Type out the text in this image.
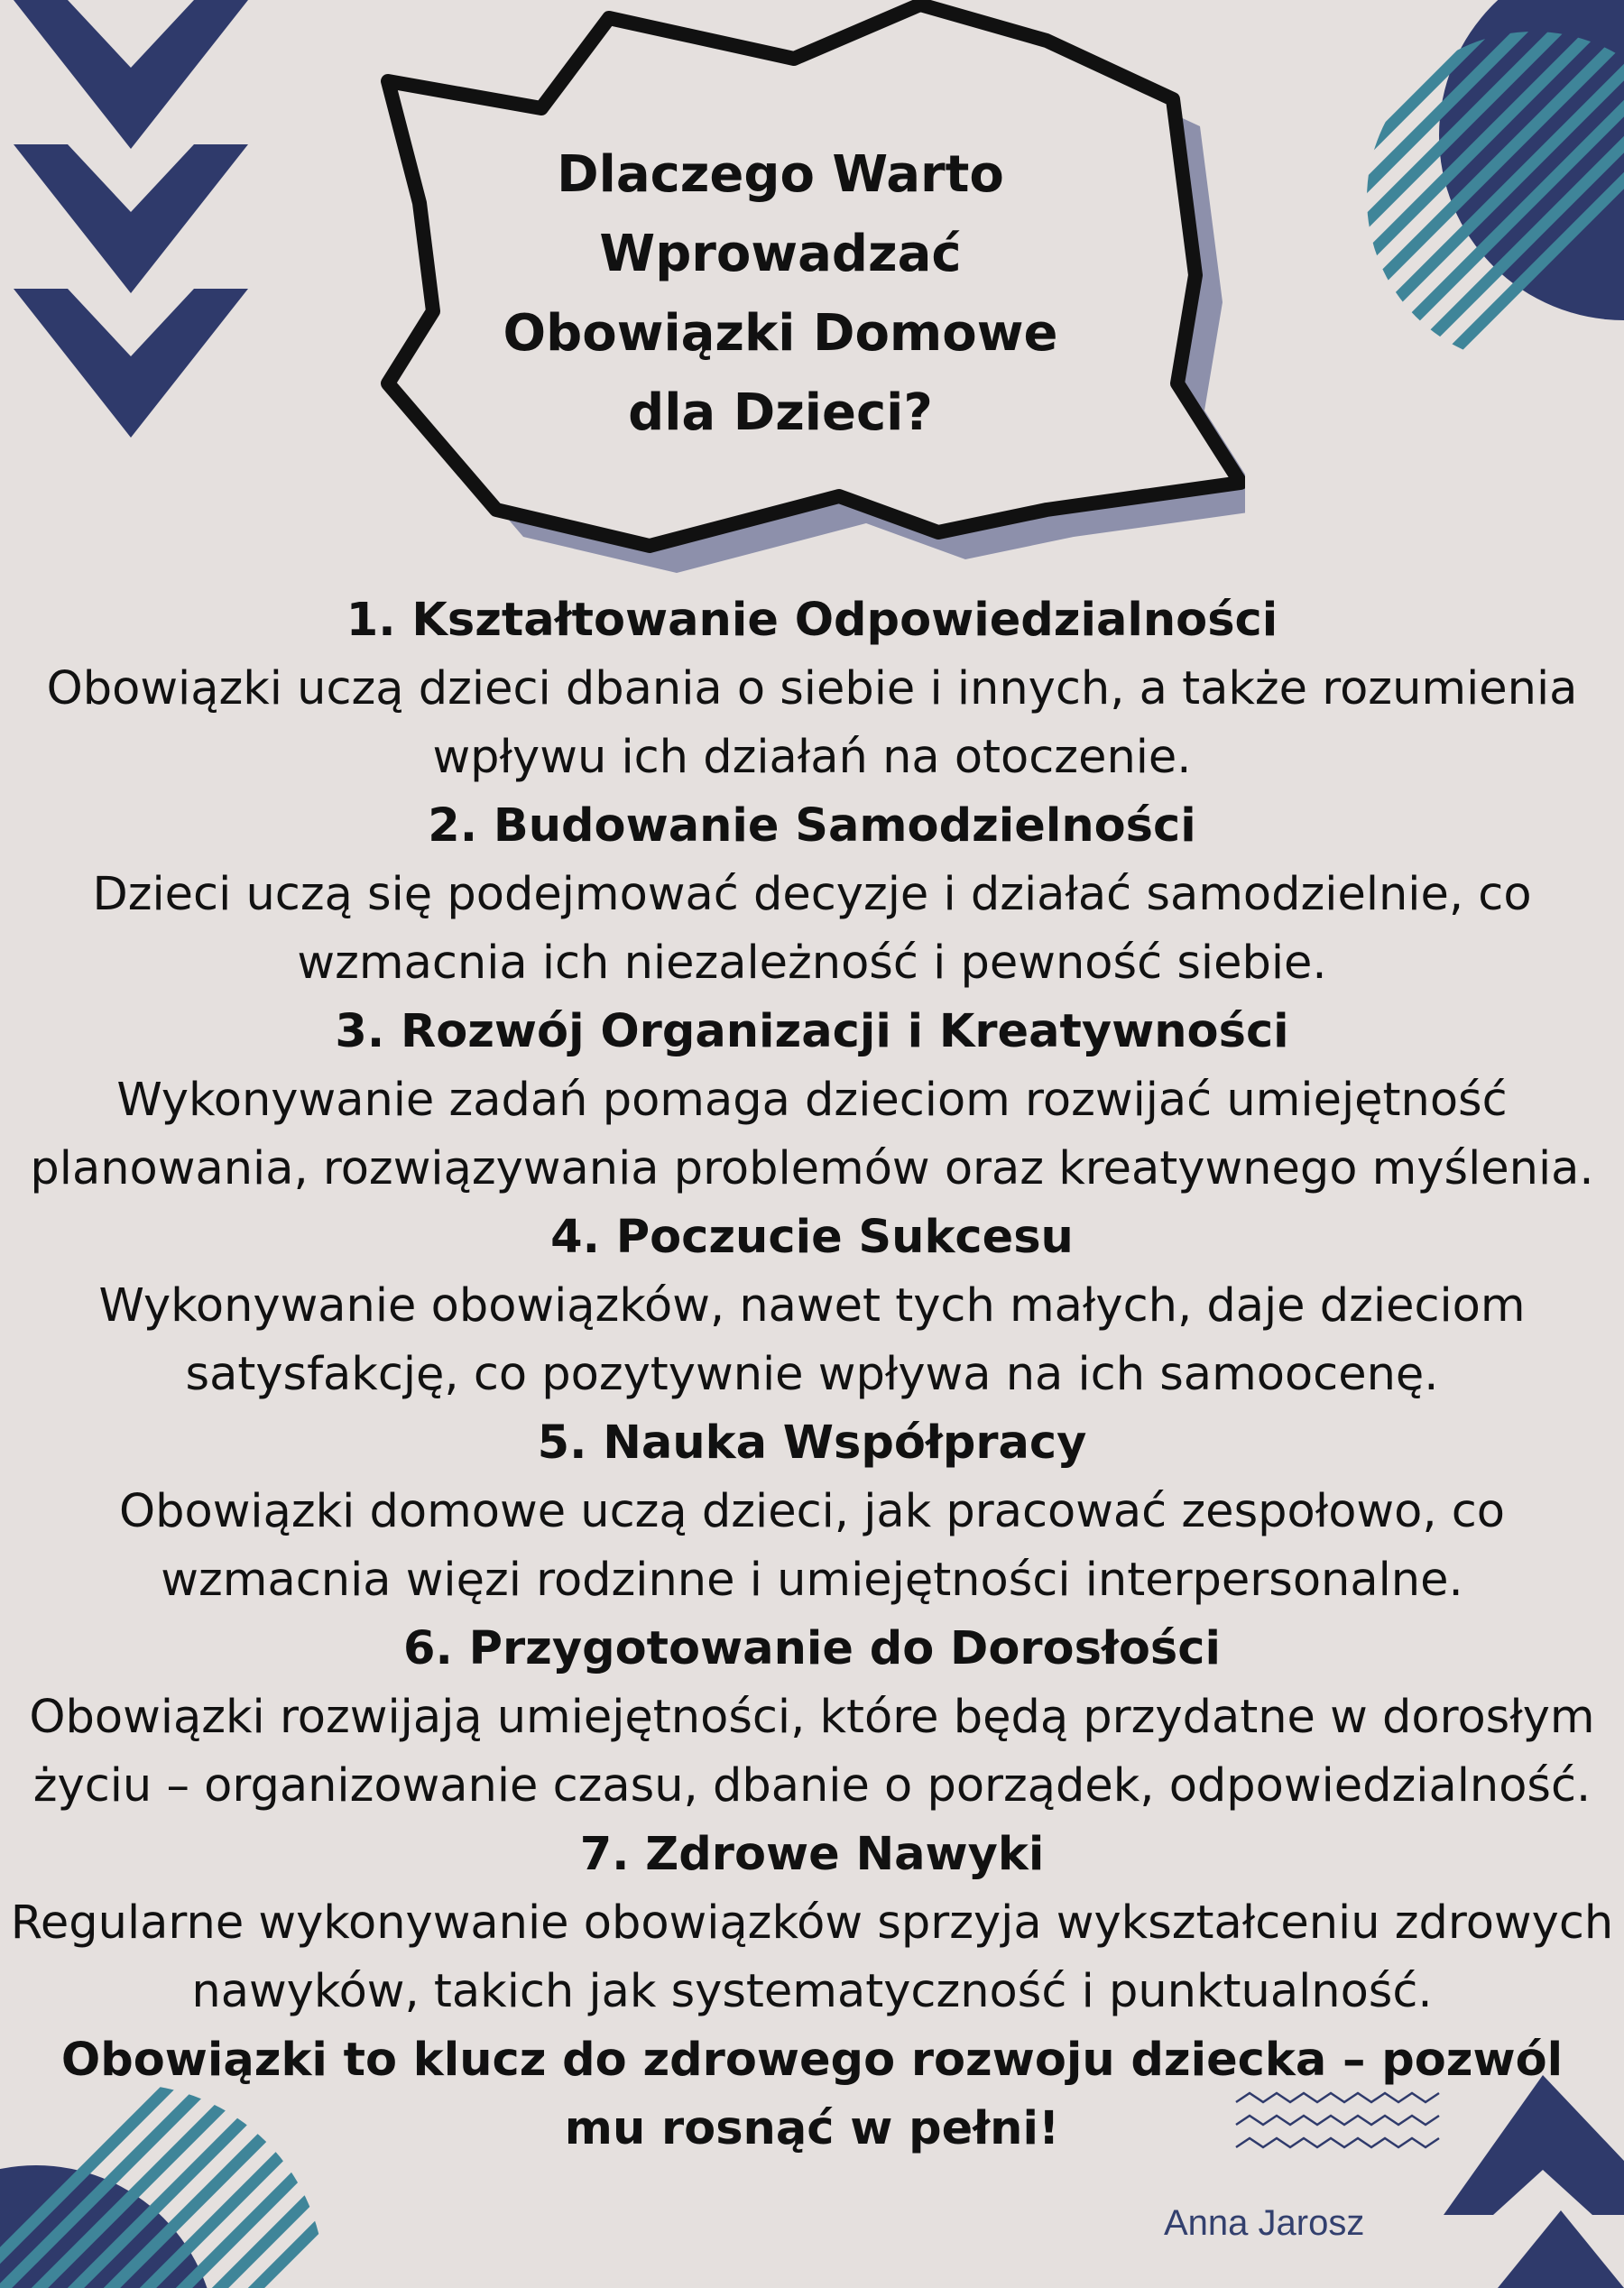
Dlaczego Warto Wprowadzać Obowiązki Domowe dla Dzieci?

1. Kształtowanie Odpowiedzialności

Obowiązki uczą dzieci dbania o siebie i innych, a także rozumienia wpływu ich działań na otoczenie.

2. Budowanie Samodzielności

Dzieci uczą się podejmować decyzje i działać samodzielnie, co wzmacnia ich niezależność i pewność siebie.

3. Rozwój Organizacji i Kreatywności

Wykonywanie zadań pomaga dzieciom rozwijać umiejętność planowania, rozwiązywania problemów oraz kreatywnego myślenia.

4. Poczucie Sukcesu

Wykonywanie obowiązków, nawet tych małych, daje dzieciom satysfakcję, co pozytywnie wpływa na ich samoocenę.

5. Nauka Współpracy

Obowiązki domowe uczą dzieci, jak pracować zespołowo, co wzmacnia więzi rodzinne i umiejętności interpersonalne.

6. Przygotowanie do Dorosłości

Obowiązki rozwijają umiejętności, które będą przydatne w dorosłym życiu – organizowanie czasu, dbanie o porządek, odpowiedzialność.

7. Zdrowe Nawyki

Regularne wykonywanie obowiązków sprzyja wykształceniu zdrowych nawyków, takich jak systematyczność i punktualność.

Obowiązki to klucz do zdrowego rozwoju dziecka – pozwól mu rosnąć w pełni!

Anna Jarosz
